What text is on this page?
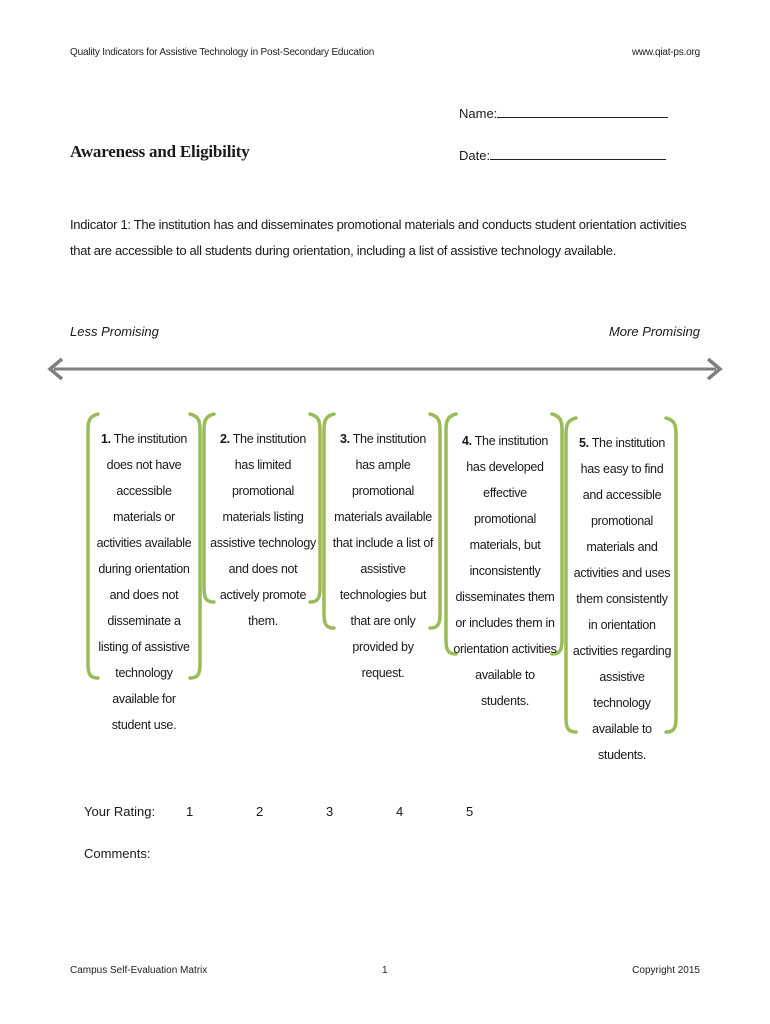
Quality Indicators for Assistive Technology in Post-Secondary Education	www.qiat-ps.org
Name:
Date:
Awareness and Eligibility
Indicator 1: The institution has and disseminates promotional materials and conducts student orientation activities that are accessible to all students during orientation, including a list of assistive technology available.
Less Promising	More Promising
1. The institution does not have accessible materials or activities available during orientation and does not disseminate a listing of assistive technology available for student use.
2. The institution has limited promotional materials listing assistive technology and does not actively promote them.
3. The institution has ample promotional materials available that include a list of assistive technologies but that are only provided by request.
4. The institution has developed effective promotional materials, but inconsistently disseminates them or includes them in orientation activities available to students.
5. The institution has easy to find and accessible promotional materials and activities and uses them consistently in orientation activities regarding assistive technology available to students.
Your Rating: 1	2	3	4	5
Comments:
Campus Self-Evaluation Matrix	1	Copyright 2015
